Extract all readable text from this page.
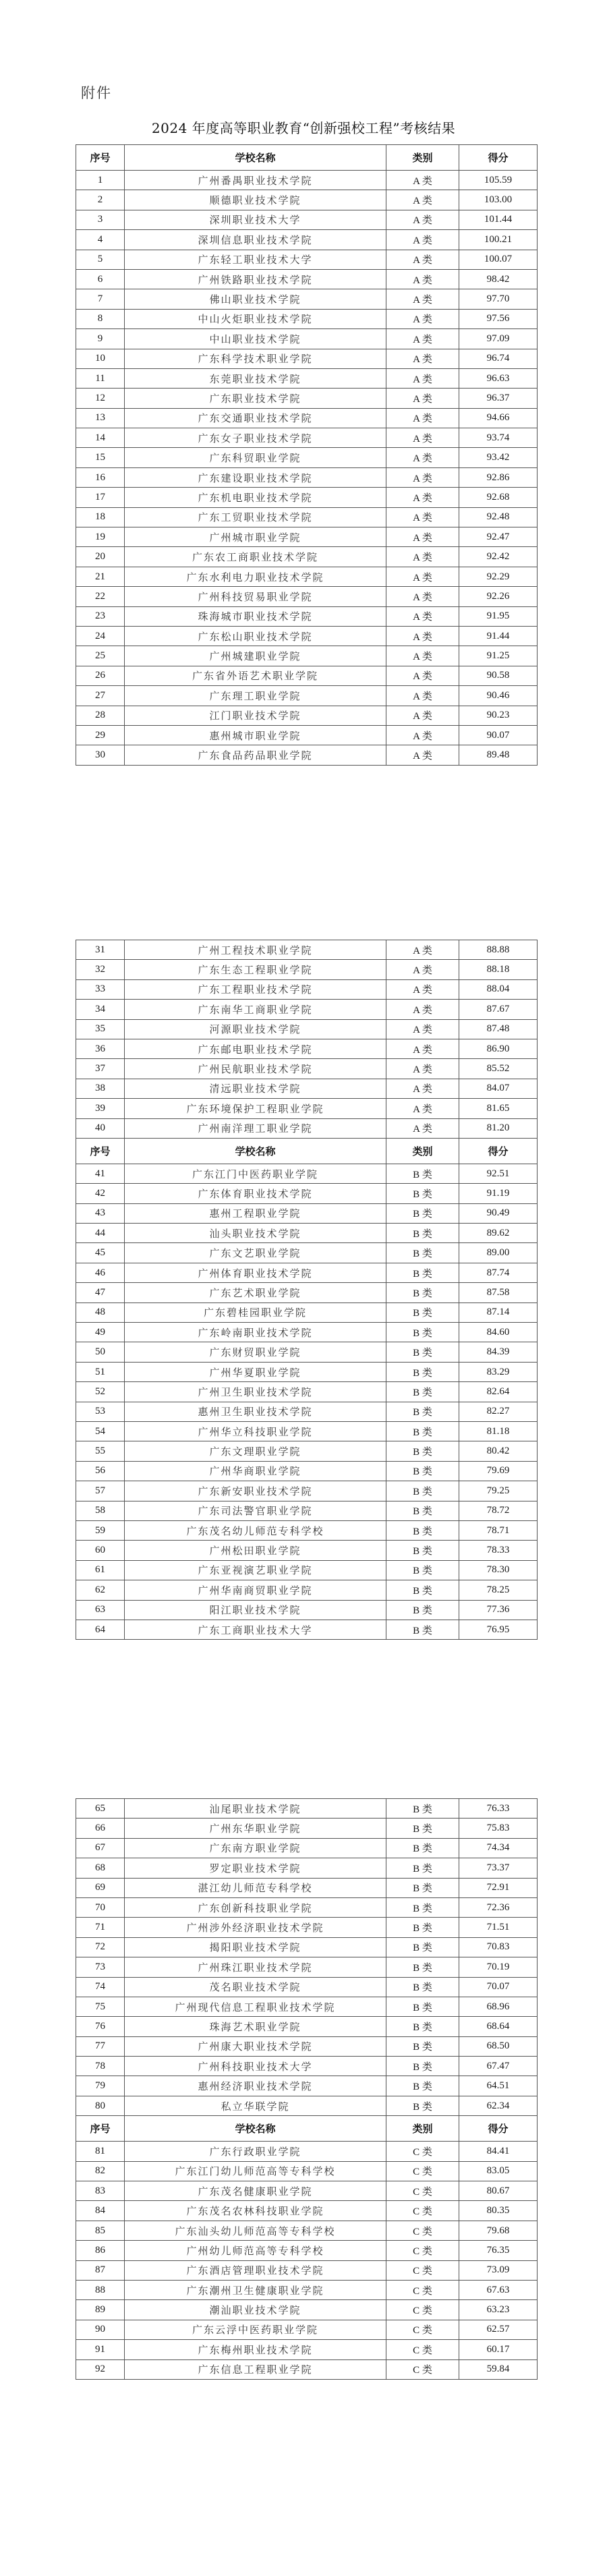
附件
2024 年度高等职业教育“创新强校工程”考核结果
序号	学校名称	类别	得分
1	广州番禺职业技术学院	A 类	105.59
2	顺德职业技术学院	A 类	103.00
3	深圳职业技术大学	A 类	101.44
4	深圳信息职业技术学院	A 类	100.21
5	广东轻工职业技术大学	A 类	100.07
6	广州铁路职业技术学院	A 类	98.42
7	佛山职业技术学院	A 类	97.70
8	中山火炬职业技术学院	A 类	97.56
9	中山职业技术学院	A 类	97.09
10	广东科学技术职业学院	A 类	96.74
11	东莞职业技术学院	A 类	96.63
12	广东职业技术学院	A 类	96.37
13	广东交通职业技术学院	A 类	94.66
14	广东女子职业技术学院	A 类	93.74
15	广东科贸职业学院	A 类	93.42
16	广东建设职业技术学院	A 类	92.86
17	广东机电职业技术学院	A 类	92.68
18	广东工贸职业技术学院	A 类	92.48
19	广州城市职业学院	A 类	92.47
20	广东农工商职业技术学院	A 类	92.42
21	广东水利电力职业技术学院	A 类	92.29
22	广州科技贸易职业学院	A 类	92.26
23	珠海城市职业技术学院	A 类	91.95
24	广东松山职业技术学院	A 类	91.44
25	广州城建职业学院	A 类	91.25
26	广东省外语艺术职业学院	A 类	90.58
27	广东理工职业学院	A 类	90.46
28	江门职业技术学院	A 类	90.23
29	惠州城市职业学院	A 类	90.07
30	广东食品药品职业学院	A 类	89.48
31	广州工程技术职业学院	A 类	88.88
32	广东生态工程职业学院	A 类	88.18
33	广东工程职业技术学院	A 类	88.04
34	广东南华工商职业学院	A 类	87.67
35	河源职业技术学院	A 类	87.48
36	广东邮电职业技术学院	A 类	86.90
37	广州民航职业技术学院	A 类	85.52
38	清远职业技术学院	A 类	84.07
39	广东环境保护工程职业学院	A 类	81.65
40	广州南洋理工职业学院	A 类	81.20
序号	学校名称	类别	得分
41	广东江门中医药职业学院	B 类	92.51
42	广东体育职业技术学院	B 类	91.19
43	惠州工程职业学院	B 类	90.49
44	汕头职业技术学院	B 类	89.62
45	广东文艺职业学院	B 类	89.00
46	广州体育职业技术学院	B 类	87.74
47	广东艺术职业学院	B 类	87.58
48	广东碧桂园职业学院	B 类	87.14
49	广东岭南职业技术学院	B 类	84.60
50	广东财贸职业学院	B 类	84.39
51	广州华夏职业学院	B 类	83.29
52	广州卫生职业技术学院	B 类	82.64
53	惠州卫生职业技术学院	B 类	82.27
54	广州华立科技职业学院	B 类	81.18
55	广东文理职业学院	B 类	80.42
56	广州华商职业学院	B 类	79.69
57	广东新安职业技术学院	B 类	79.25
58	广东司法警官职业学院	B 类	78.72
59	广东茂名幼儿师范专科学校	B 类	78.71
60	广州松田职业学院	B 类	78.33
61	广东亚视演艺职业学院	B 类	78.30
62	广州华南商贸职业学院	B 类	78.25
63	阳江职业技术学院	B 类	77.36
64	广东工商职业技术大学	B 类	76.95
65	汕尾职业技术学院	B 类	76.33
66	广州东华职业学院	B 类	75.83
67	广东南方职业学院	B 类	74.34
68	罗定职业技术学院	B 类	73.37
69	湛江幼儿师范专科学校	B 类	72.91
70	广东创新科技职业学院	B 类	72.36
71	广州涉外经济职业技术学院	B 类	71.51
72	揭阳职业技术学院	B 类	70.83
73	广州珠江职业技术学院	B 类	70.19
74	茂名职业技术学院	B 类	70.07
75	广州现代信息工程职业技术学院	B 类	68.96
76	珠海艺术职业学院	B 类	68.64
77	广州康大职业技术学院	B 类	68.50
78	广州科技职业技术大学	B 类	67.47
79	惠州经济职业技术学院	B 类	64.51
80	私立华联学院	B 类	62.34
序号	学校名称	类别	得分
81	广东行政职业学院	C 类	84.41
82	广东江门幼儿师范高等专科学校	C 类	83.05
83	广东茂名健康职业学院	C 类	80.67
84	广东茂名农林科技职业学院	C 类	80.35
85	广东汕头幼儿师范高等专科学校	C 类	79.68
86	广州幼儿师范高等专科学校	C 类	76.35
87	广东酒店管理职业技术学院	C 类	73.09
88	广东潮州卫生健康职业学院	C 类	67.63
89	潮汕职业技术学院	C 类	63.23
90	广东云浮中医药职业学院	C 类	62.57
91	广东梅州职业技术学院	C 类	60.17
92	广东信息工程职业学院	C 类	59.84
